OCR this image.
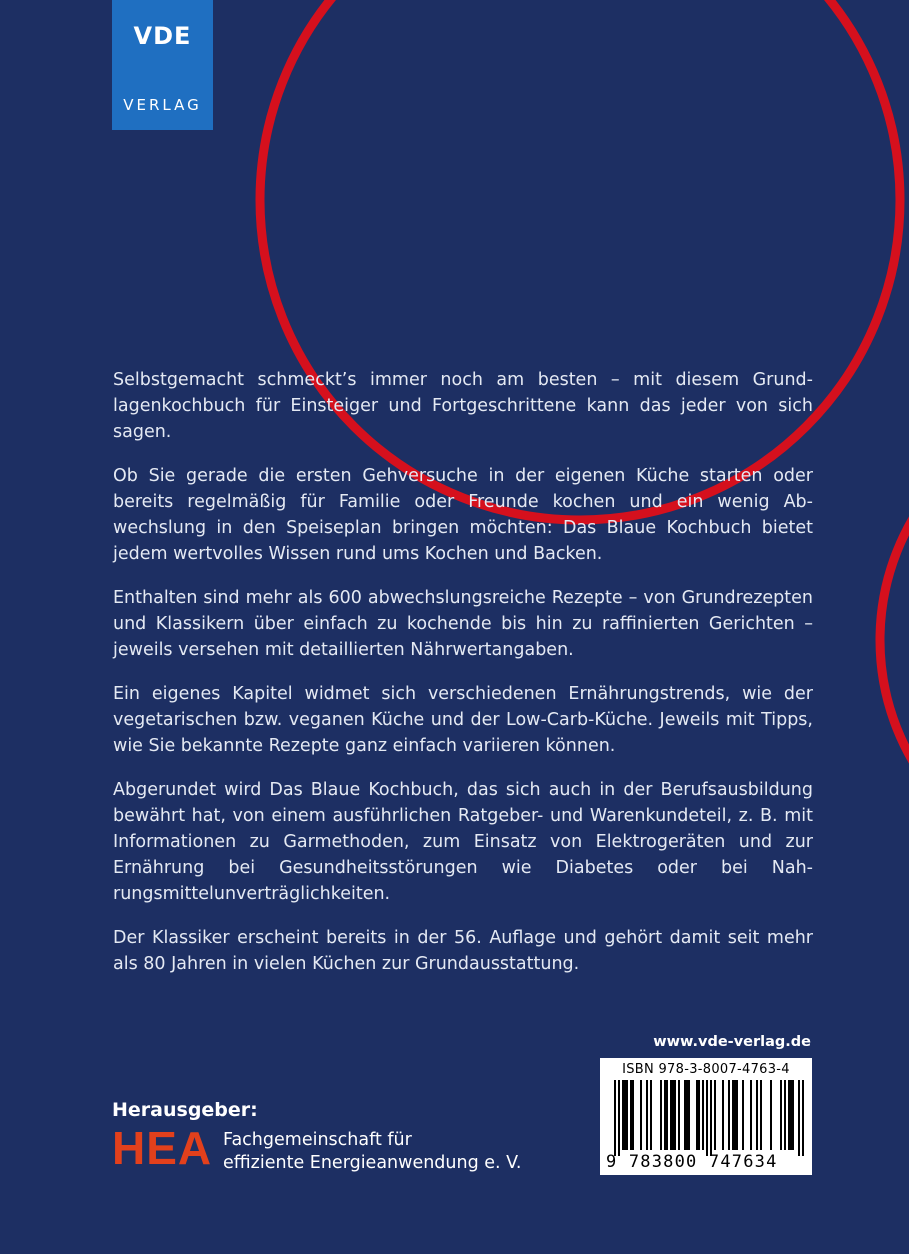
VDE
VERLAG

Selbstgemacht schmeckt’s immer noch am besten – mit diesem Grundlagenkochbuch für Einsteiger und Fortgeschrittene kann das jeder von sich sagen.

Ob Sie gerade die ersten Gehversuche in der eigenen Küche starten oder bereits regelmäßig für Familie oder Freunde kochen und ein wenig Abwechslung in den Speiseplan bringen möchten: Das Blaue Kochbuch bietet jedem wertvolles Wissen rund ums Kochen und Backen.

Enthalten sind mehr als 600 abwechslungsreiche Rezepte – von Grundrezepten und Klassikern über einfach zu kochende bis hin zu raffinierten Gerichten – jeweils versehen mit detaillierten Nährwertangaben.

Ein eigenes Kapitel widmet sich verschiedenen Ernährungstrends, wie der vegetarischen bzw. veganen Küche und der Low-Carb-Küche. Jeweils mit Tipps, wie Sie bekannte Rezepte ganz einfach variieren können.

Abgerundet wird Das Blaue Kochbuch, das sich auch in der Berufsausbildung bewährt hat, von einem ausführlichen Ratgeber- und Warenkundeteil, z. B. mit Informationen zu Garmethoden, zum Einsatz von Elektrogeräten und zur Ernährung bei Gesundheitsstörungen wie Diabetes oder bei Nahrungsmittelunverträglichkeiten.

Der Klassiker erscheint bereits in der 56. Auflage und gehört damit seit mehr als 80 Jahren in vielen Küchen zur Grundausstattung.

Herausgeber:
HEA Fachgemeinschaft für
effiziente Energieanwendung e. V.
www.vde-verlag.de
ISBN 978-3-8007-4763-4
9 783800 747634
